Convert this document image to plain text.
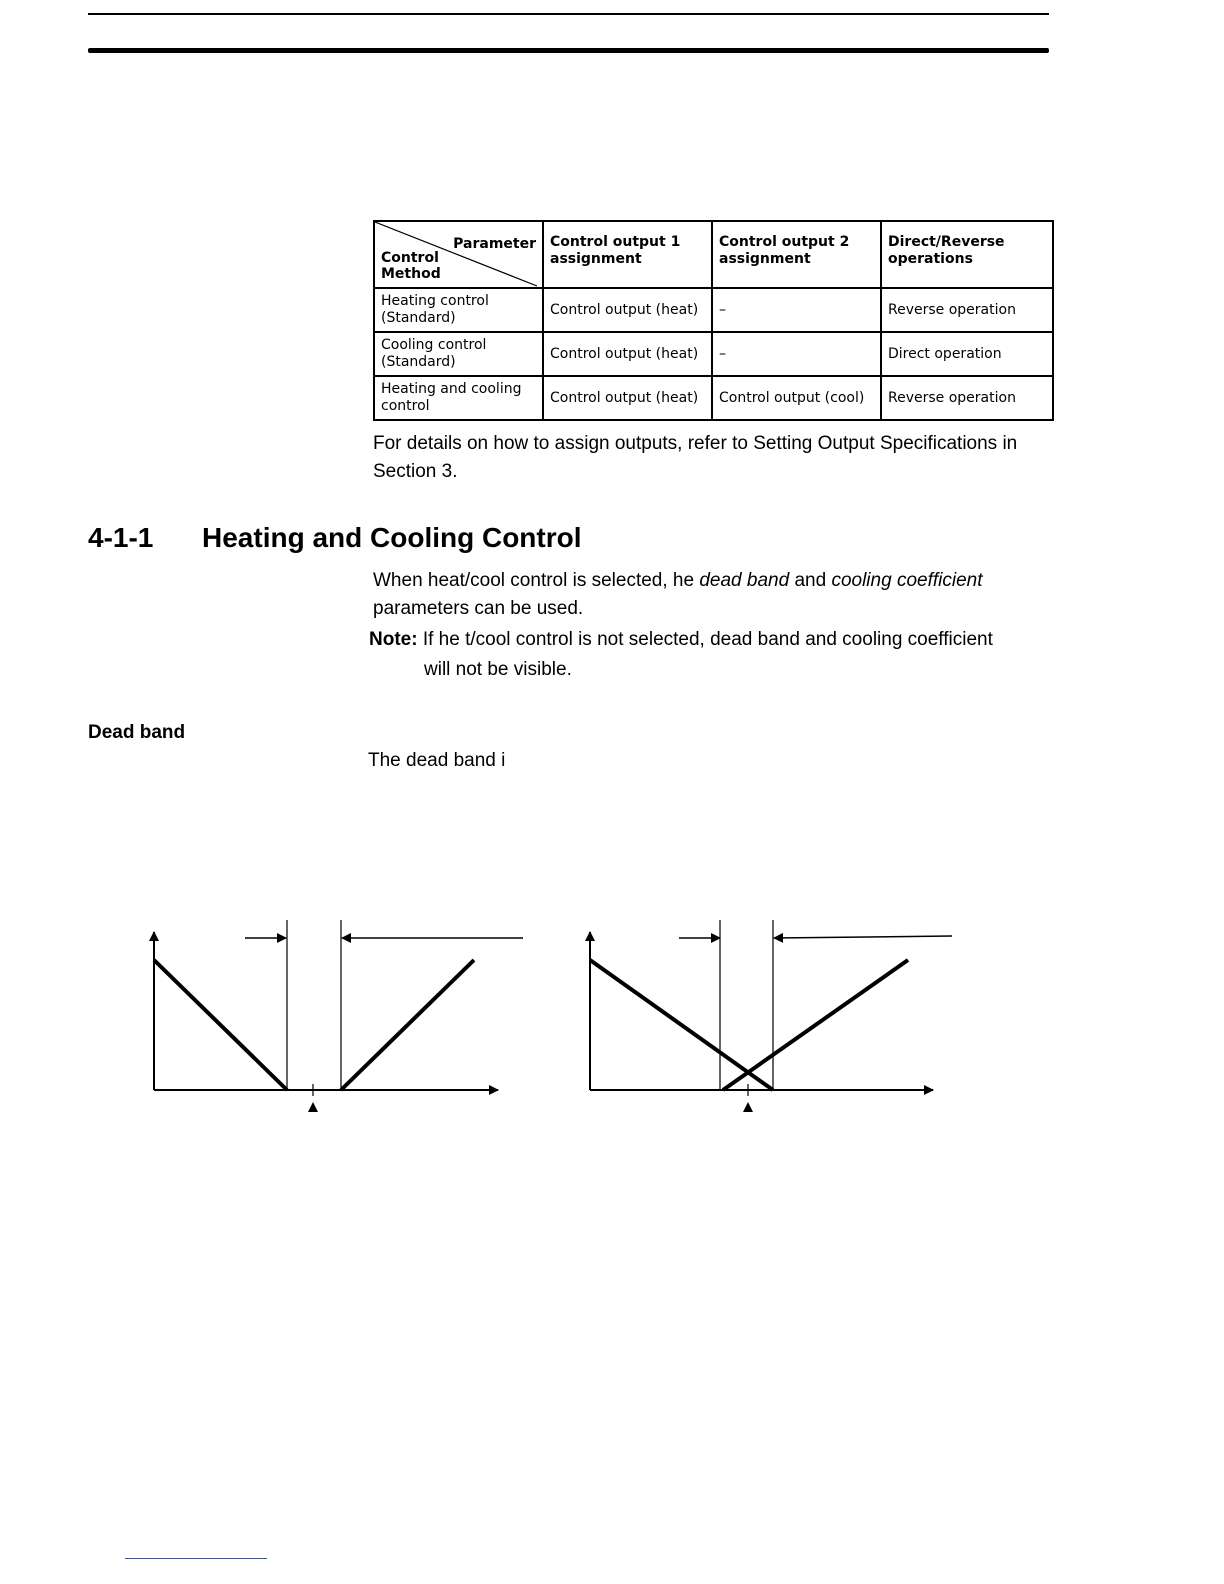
Parameter
Control
Method	Control output 1 assignment	Control output 2 assignment	Direct/Reverse operations
Heating control (Standard)	Control output (heat)	–	Reverse operation
Cooling control (Standard)	Control output (heat)	–	Direct operation
Heating and cooling control	Control output (heat)	Control output (cool)	Reverse operation
For details on how to assign outputs, refer to Setting Output Specifications in Section 3.
4-1-1 Heating and Cooling Control
When heat/cool control is selected, he dead band and cooling coefficient parameters can be used.
Note: If he t/cool control is not selected, dead band and cooling coefficient
will not be visible.
Dead band
The dead band i
